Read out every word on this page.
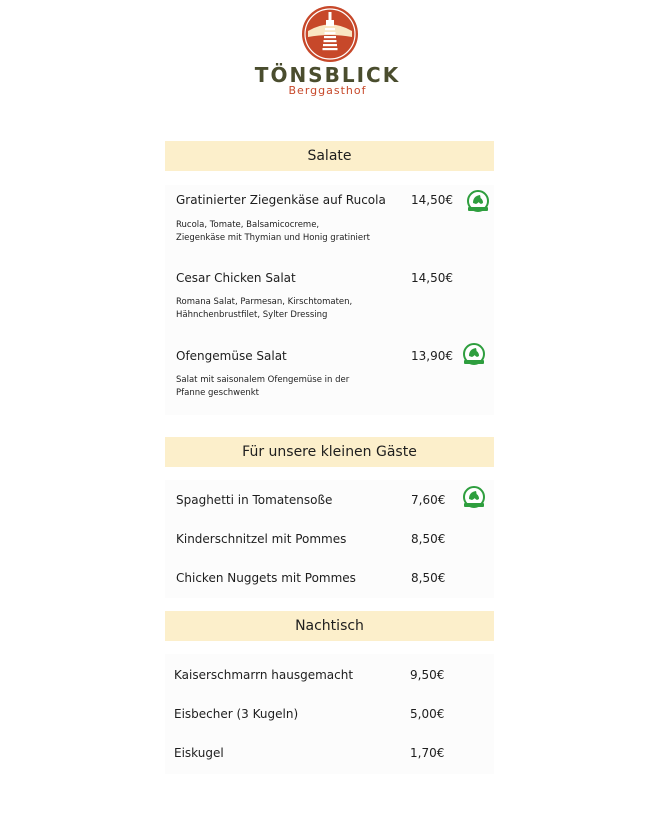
TÖNSBLICK
Berggasthof
Salate
Gratinierter Ziegenkäse auf Rucola 14,50€
Rucola, Tomate, Balsamicocreme,
Ziegenkäse mit Thymian und Honig gratiniert
Cesar Chicken Salat	14,50€
Romana Salat, Parmesan, Kirschtomaten,
Hähnchenbrustfilet, Sylter Dressing
Ofengemüse Salat	13,90€
Salat mit saisonalem Ofengemüse in der
Pfanne geschwenkt
Für unsere kleinen Gäste
Spaghetti in Tomatensoße	7,60€
Kinderschnitzel mit Pommes	8,50€
Chicken Nuggets mit Pommes	8,50€
Nachtisch
Kaiserschmarrn hausgemacht	9,50€
Eisbecher (3 Kugeln)	5,00€
Eiskugel	1,70€
